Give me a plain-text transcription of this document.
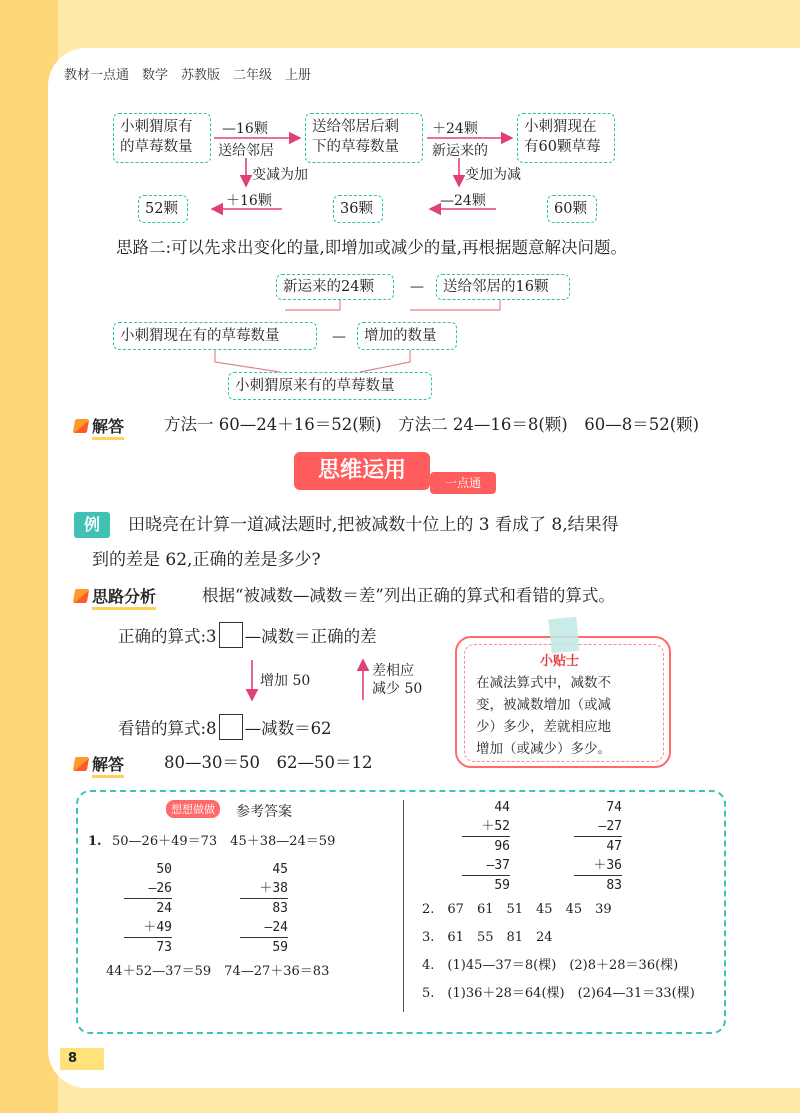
教材一点通　数学　苏教版　二年级　上册
小刺猬原有
的草莓数量
—16颗
送给邻居
送给邻居后剩
下的草莓数量
＋24颗
新运来的
小刺猬现在
有60颗草莓
变减为加	变加为减
52颗	＋16颗	36颗	—24颗	60颗
思路二:可以先求出变化的量,即增加或减少的量,再根据题意解决问题。
新运来的24颗	—	送给邻居的16颗
小刺猬现在有的草莓数量	—	增加的数量
小刺猬原来有的草莓数量
解答 方法一 60—24＋16＝52(颗)　方法二 24—16＝8(颗)　60—8＝52(颗)
思维运用	一点通
例	田晓亮在计算一道减法题时,把被减数十位上的 3 看成了 8,结果得
到的差是 62,正确的差是多少?
思路分析	根据“被减数—减数＝差”列出正确的算式和看错的算式。
正确的算式:3 —减数＝正确的差
增加 50
差相应
减少 50
看错的算式:8 —减数＝62
小贴士
在减法算式中，减数不
变，被减数增加（或减
少）多少，差就相应地
增加（或减少）多少。
解答 80—30＝50　62—50＝12
想想做做	参考答案
1. 50—26＋49＝73　45＋38—24＝59
50
—26
24
＋49
73
45
＋38
83
—24
59
44＋52—37＝59　74—27＋36＝83
44
＋52
96
—37
59
74
—27
47
＋36
83
2.　67　61　51　45　45　39
3.　61　55　81　24
4.　(1)45—37＝8(棵)　(2)8＋28＝36(棵)
5.　(1)36＋28＝64(棵)　(2)64—31＝33(棵)
8
